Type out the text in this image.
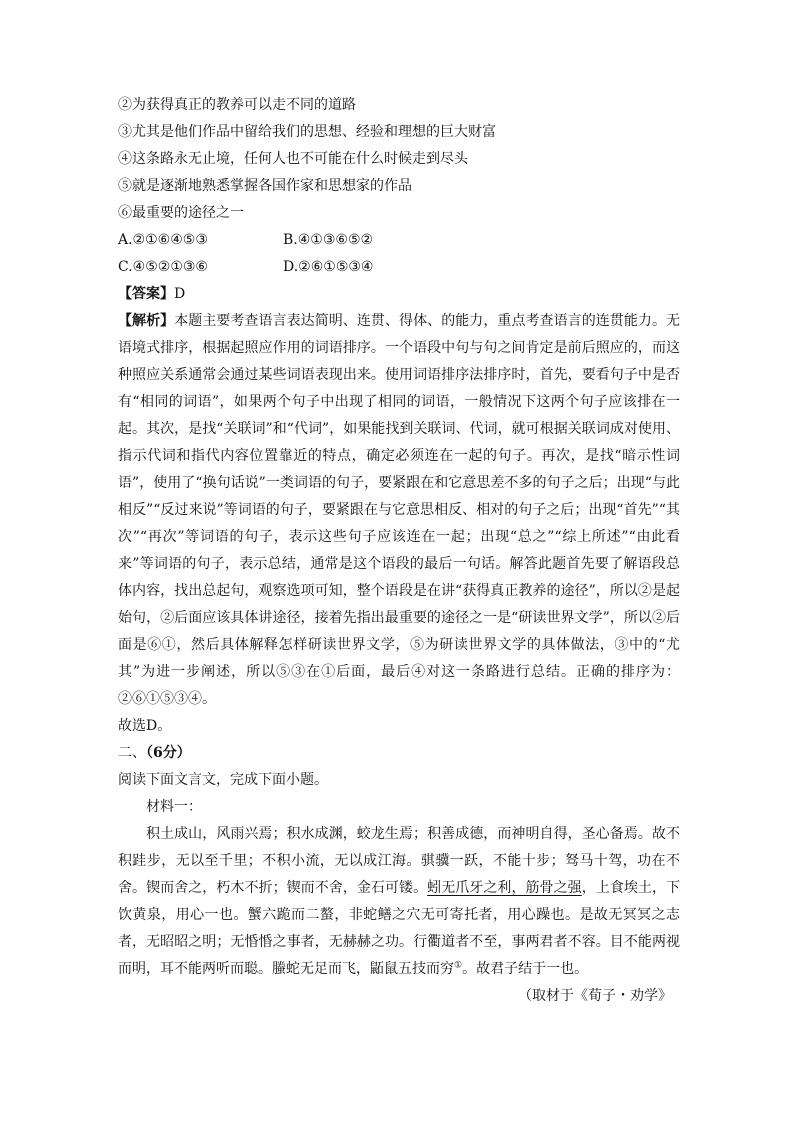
②为获得真正的教养可以走不同的道路
③尤其是他们作品中留给我们的思想、经验和理想的巨大财富
④这条路永无止境，任何人也不可能在什么时候走到尽头
⑤就是逐渐地熟悉掌握各国作家和思想家的作品
⑥最重要的途径之一
A.②①⑥④⑤③	B.④①③⑥⑤②
C.④⑤②①③⑥	D.②⑥①⑤③④
【答案】D
【解析】本题主要考查语言表达简明、连贯、得体、的能力，重点考查语言的连贯能力。无语境式排序，根据起照应作用的词语排序。一个语段中句与句之间肯定是前后照应的，而这种照应关系通常会通过某些词语表现出来。使用词语排序法排序时，首先，要看句子中是否有“相同的词语”，如果两个句子中出现了相同的词语，一般情况下这两个句子应该排在一起。其次，是找“关联词”和“代词”，如果能找到关联词、代词，就可根据关联词成对使用、指示代词和指代内容位置靠近的特点，确定必须连在一起的句子。再次，是找“暗示性词语”，使用了“换句话说”一类词语的句子，要紧跟在和它意思差不多的句子之后；出现“与此相反”“反过来说”等词语的句子，要紧跟在与它意思相反、相对的句子之后；出现“首先”“其次”“再次”等词语的句子，表示这些句子应该连在一起；出现“总之”“综上所述”“由此看来”等词语的句子，表示总结，通常是这个语段的最后一句话。解答此题首先要了解语段总体内容，找出总起句，观察选项可知，整个语段是在讲“获得真正教养的途径”，所以②是起始句，②后面应该具体讲途径，接着先指出最重要的途径之一是“研读世界文学”，所以②后面是⑥①，然后具体解释怎样研读世界文学，⑤为研读世界文学的具体做法，③中的“尤其”为进一步阐述，所以⑤③在①后面，最后④对这一条路进行总结。正确的排序为：②⑥①⑤③④。
故选D。
二、（6分）
阅读下面文言文，完成下面小题。
材料一：
积土成山，风雨兴焉；积水成渊，蛟龙生焉；积善成德，而神明自得，圣心备焉。故不积跬步，无以至千里；不积小流，无以成江海。骐骥一跃，不能十步；驽马十驾，功在不舍。锲而舍之，朽木不折；锲而不舍，金石可镂。蚓无爪牙之利，筋骨之强，上食埃土，下饮黄泉，用心一也。蟹六跪而二螯，非蛇鳝之穴无可寄托者，用心躁也。是故无冥冥之志者，无昭昭之明；无惛惛之事者，无赫赫之功。行衢道者不至，事两君者不容。目不能两视而明，耳不能两听而聪。螣蛇无足而飞，鼫鼠五技而穷①。故君子结于一也。
（取材于《荀子・劝学》
